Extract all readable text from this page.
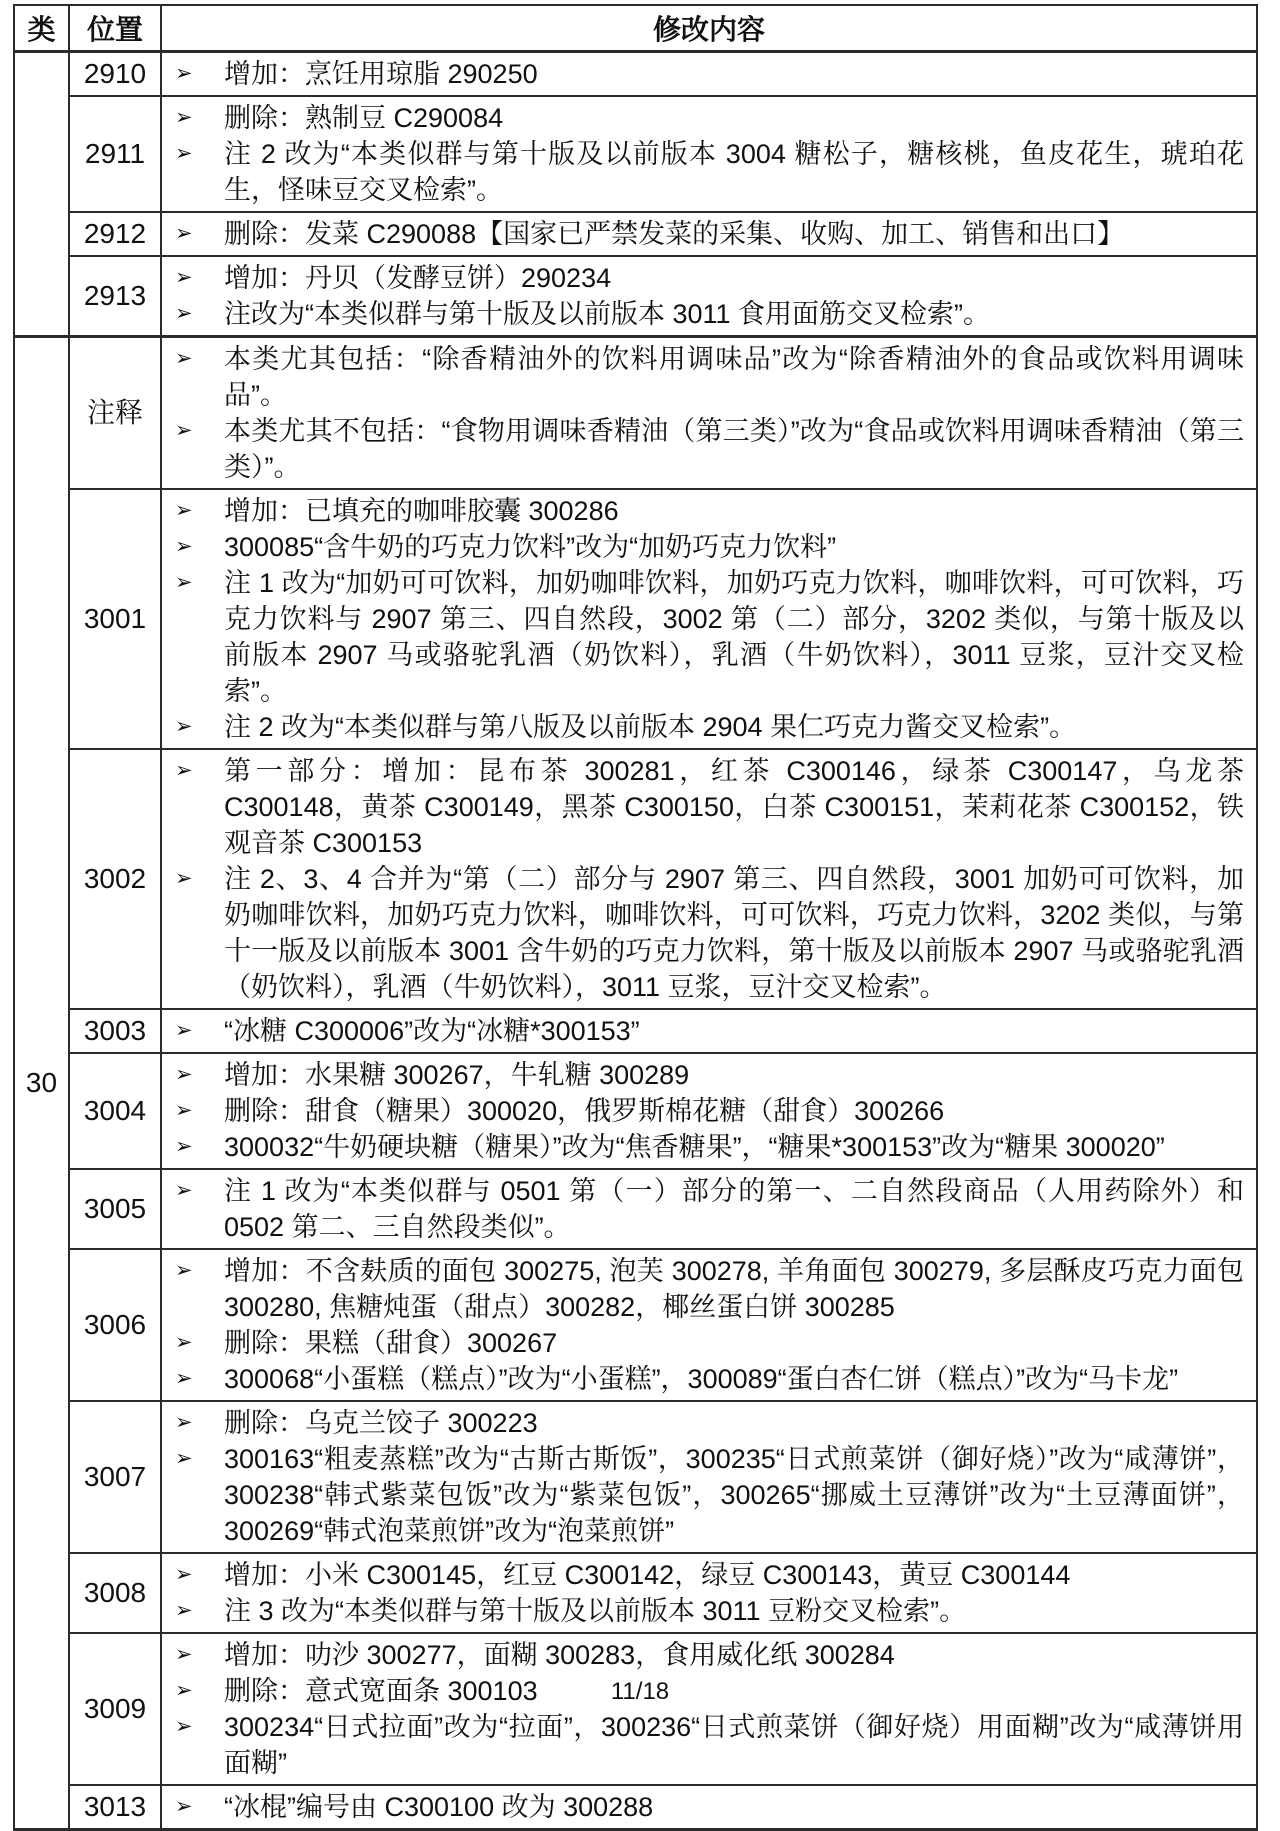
类	位置	修改内容
	2910	➢ 增加：烹饪用琼脂 290250

	2911	➢ 删除：熟制豆 C290084
➢ 注 2 改为“本类似群与第十版及以前版本 3004 糖松子，糖核桃，鱼皮花生，琥珀花生，怪味豆交叉检索”。

	2912	➢ 删除：发菜 C290088【国家已严禁发菜的采集、收购、加工、销售和出口】

	2913	➢ 增加：丹贝（发酵豆饼）290234
➢ 注改为“本类似群与第十版及以前版本 3011 食用面筋交叉检索”。

30	注释	➢ 本类尤其包括：“除香精油外的饮料用调味品”改为“除香精油外的食品或饮料用调味品”。
➢ 本类尤其不包括：“食物用调味香精油（第三类）”改为“食品或饮料用调味香精油（第三类）”。

3001	
➢	增加：已填充的咖啡胶囊 300286
➢	300085“含牛奶的巧克力饮料”改为“加奶巧克力饮料”
➢	注 1 改为“加奶可可饮料，加奶咖啡饮料，加奶巧克力饮料，咖啡饮料，可可饮料，巧克力饮料与 2907 第三、四自然段，3002 第（二）部分，3202 类似，与第十版及以前版本 2907 马或骆驼乳酒（奶饮料），乳酒（牛奶饮料），3011 豆浆，豆汁交叉检索”。
➢	注 2 改为“本类似群与第八版及以前版本 2904 果仁巧克力酱交叉检索”。

	3002	➢ 第一部分：增加：昆布茶 300281，红茶 C300146，绿茶 C300147，乌龙茶 C300148，黄茶 C300149，黑茶 C300150，白茶 C300151，茉莉花茶 C300152，铁观音茶 C300153
➢ 注 2、3、4 合并为“第（二）部分与 2907 第三、四自然段，3001 加奶可可饮料，加奶咖啡饮料，加奶巧克力饮料，咖啡饮料，可可饮料，巧克力饮料，3202 类似，与第十一版及以前版本 3001 含牛奶的巧克力饮料，第十版及以前版本 2907 马或骆驼乳酒（奶饮料），乳酒（牛奶饮料），3011 豆浆，豆汁交叉检索”。

	3003	➢ “冰糖 C300006”改为“冰糖*300153”

3004	
➢	增加：水果糖 300267，牛轧糖 300289
➢	删除：甜食（糖果）300020，俄罗斯棉花糖（甜食）300266
➢	300032“牛奶硬块糖（糖果）”改为“焦香糖果”，“糖果*300153”改为“糖果 300020”

	3005	➢ 注 1 改为“本类似群与 0501 第（一）部分的第一、二自然段商品（人用药除外）和 0502 第二、三自然段类似”。

3006	
➢	增加：不含麸质的面包 300275, 泡芙 300278, 羊角面包 300279, 多层酥皮巧克力面包 300280, 焦糖炖蛋（甜点）300282，椰丝蛋白饼 300285
➢	删除：果糕（甜食）300267
➢	300068“小蛋糕（糕点）”改为“小蛋糕”，300089“蛋白杏仁饼（糕点）”改为“马卡龙”

	3007	➢ 删除：乌克兰饺子 300223
➢ 300163“粗麦蒸糕”改为“古斯古斯饭”，300235“日式煎菜饼（御好烧）”改为“咸薄饼”，300238“韩式紫菜包饭”改为“紫菜包饭”，300265“挪威土豆薄饼”改为“土豆薄面饼”，300269“韩式泡菜煎饼”改为“泡菜煎饼”

	3008	➢ 增加：小米 C300145，红豆 C300142，绿豆 C300143，黄豆 C300144
➢ 注 3 改为“本类似群与第十版及以前版本 3011 豆粉交叉检索”。

3009	
➢	增加：叻沙 300277，面糊 300283，食用威化纸 300284
➢	删除：意式宽面条 300103
➢	300234“日式拉面”改为“拉面”，300236“日式煎菜饼（御好烧）用面糊”改为“咸薄饼用面糊”

	3013	➢ “冰棍”编号由 C300100 改为 300288
11/18
